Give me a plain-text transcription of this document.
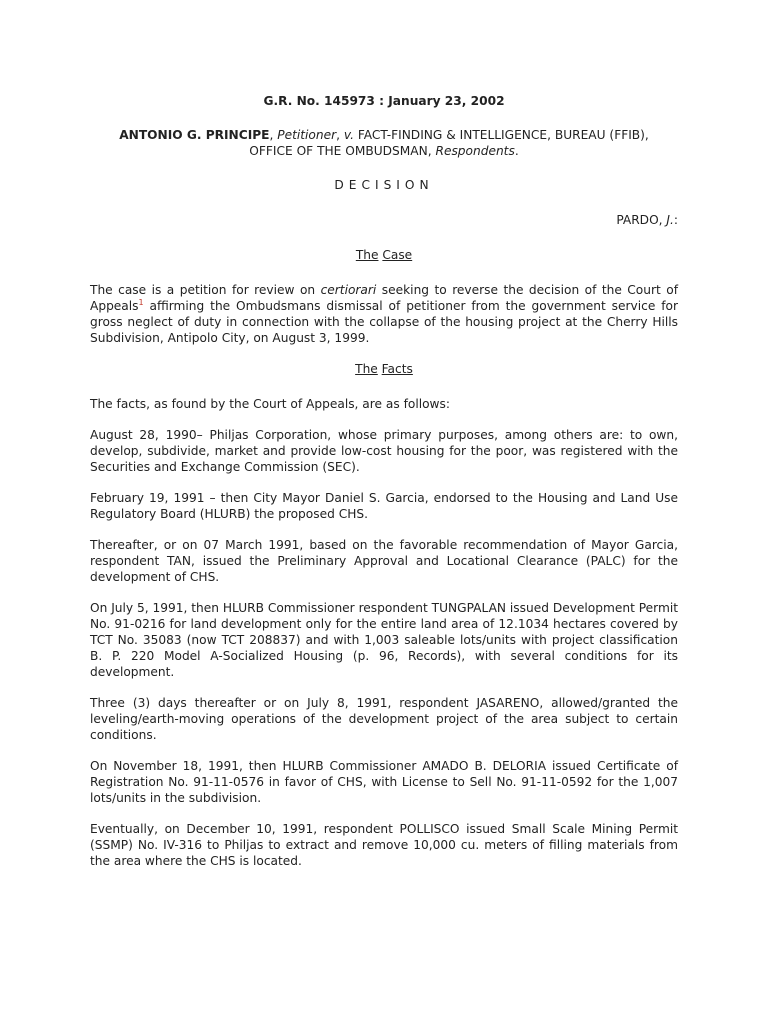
G.R. No. 145973 : January 23, 2002
ANTONIO G. PRINCIPE, Petitioner, v. FACT-FINDING & INTELLIGENCE, BUREAU (FFIB),
OFFICE OF THE OMBUDSMAN, Respondents.
DECISION
PARDO, J.:
The Case

The case is a petition for review on certiorari seeking to reverse the decision of the Court of Appeals$^1$ affirming the Ombudsmans dismissal of petitioner from the government service for gross neglect of duty in connection with the collapse of the housing project at the Cherry Hills Subdivision, Antipolo City, on August 3, 1999.

The Facts

The facts, as found by the Court of Appeals, are as follows:

August 28, 1990– Philjas Corporation, whose primary purposes, among others are: to own, develop, subdivide, market and provide low-cost housing for the poor, was registered with the Securities and Exchange Commission (SEC).

February 19, 1991 – then City Mayor Daniel S. Garcia, endorsed to the Housing and Land Use Regulatory Board (HLURB) the proposed CHS.

Thereafter, or on 07 March 1991, based on the favorable recommendation of Mayor Garcia, respondent TAN, issued the Preliminary Approval and Locational Clearance (PALC) for the development of CHS.

On July 5, 1991, then HLURB Commissioner respondent TUNGPALAN issued Development Permit No. 91-0216 for land development only for the entire land area of 12.1034 hectares covered by TCT No. 35083 (now TCT 208837) and with 1,003 saleable lots/units with project classification B. P. 220 Model A-Socialized Housing (p. 96, Records), with several conditions for its development.

Three (3) days thereafter or on July 8, 1991, respondent JASARENO, allowed/granted the leveling/earth-moving operations of the development project of the area subject to certain conditions.

On November 18, 1991, then HLURB Commissioner AMADO B. DELORIA issued Certificate of Registration No. 91-11-0576 in favor of CHS, with License to Sell No. 91-11-0592 for the 1,007 lots/units in the subdivision.

Eventually, on December 10, 1991, respondent POLLISCO issued Small Scale Mining Permit (SSMP) No. IV-316 to Philjas to extract and remove 10,000 cu. meters of filling materials from the area where the CHS is located.
